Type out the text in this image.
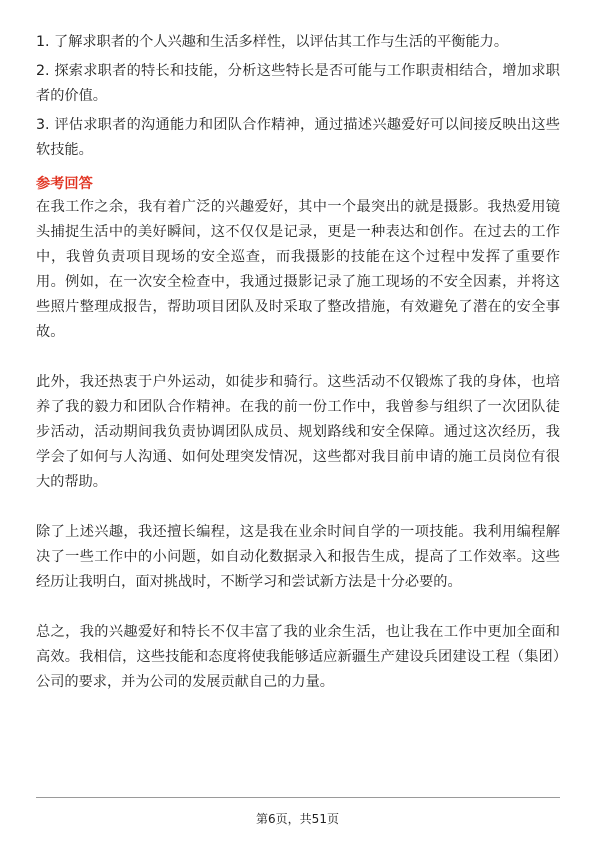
1. 了解求职者的个人兴趣和生活多样性，以评估其工作与生活的平衡能力。

2. 探索求职者的特长和技能，分析这些特长是否可能与工作职责相结合，增加求职者的价值。

3. 评估求职者的沟通能力和团队合作精神，通过描述兴趣爱好可以间接反映出这些软技能。

参考回答

在我工作之余，我有着广泛的兴趣爱好，其中一个最突出的就是摄影。我热爱用镜头捕捉生活中的美好瞬间，这不仅仅是记录，更是一种表达和创作。在过去的工作中，我曾负责项目现场的安全巡查，而我摄影的技能在这个过程中发挥了重要作用。例如，在一次安全检查中，我通过摄影记录了施工现场的不安全因素，并将这些照片整理成报告，帮助项目团队及时采取了整改措施，有效避免了潜在的安全事故。

此外，我还热衷于户外运动，如徒步和骑行。这些活动不仅锻炼了我的身体，也培养了我的毅力和团队合作精神。在我的前一份工作中，我曾参与组织了一次团队徒步活动，活动期间我负责协调团队成员、规划路线和安全保障。通过这次经历，我学会了如何与人沟通、如何处理突发情况，这些都对我目前申请的施工员岗位有很大的帮助。

除了上述兴趣，我还擅长编程，这是我在业余时间自学的一项技能。我利用编程解决了一些工作中的小问题，如自动化数据录入和报告生成，提高了工作效率。这些经历让我明白，面对挑战时，不断学习和尝试新方法是十分必要的。

总之，我的兴趣爱好和特长不仅丰富了我的业余生活，也让我在工作中更加全面和高效。我相信，这些技能和态度将使我能够适应新疆生产建设兵团建设工程（集团）公司的要求，并为公司的发展贡献自己的力量。

第6页，共51页
